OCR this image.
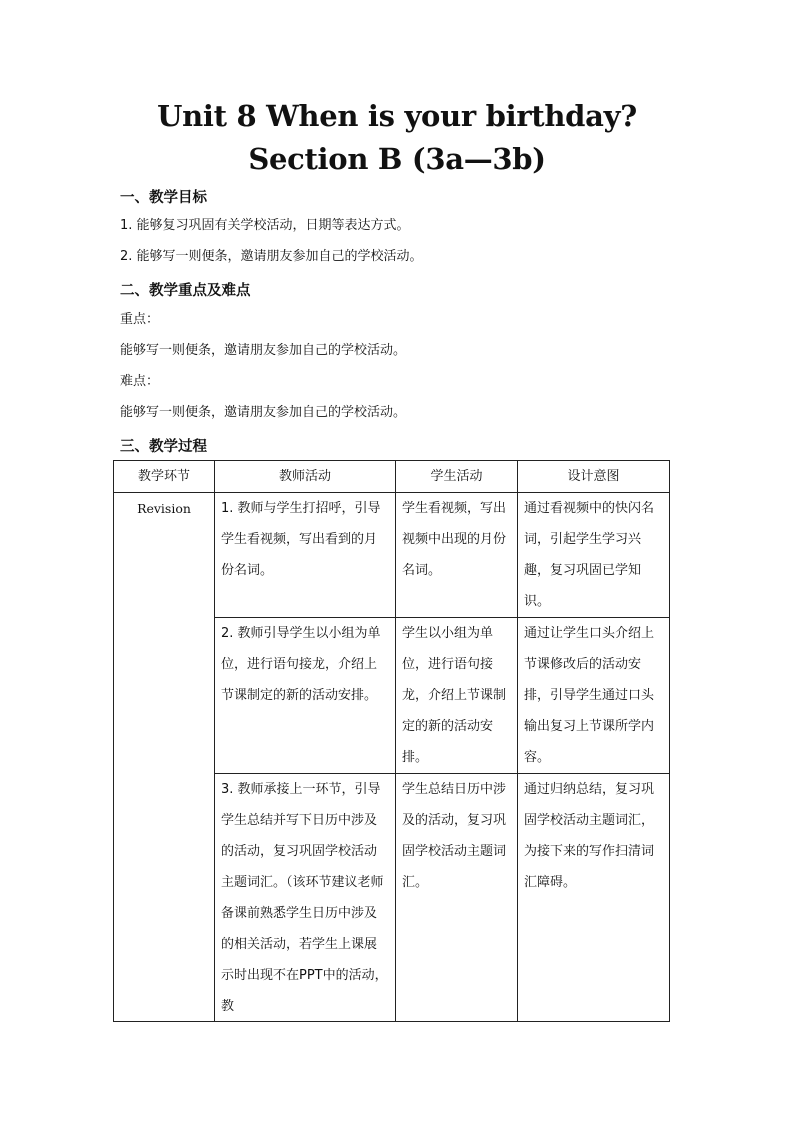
Unit 8 When is your birthday?
Section B (3a—3b)
一、教学目标
1. 能够复习巩固有关学校活动，日期等表达方式。
2. 能够写一则便条，邀请朋友参加自己的学校活动。
二、教学重点及难点
重点：
能够写一则便条，邀请朋友参加自己的学校活动。
难点：
能够写一则便条，邀请朋友参加自己的学校活动。
三、教学过程
教学环节	教师活动	学生活动	设计意图
Revision	1. 教师与学生打招呼，引导学生看视频，写出看到的月份名词。	学生看视频，写出视频中出现的月份名词。	通过看视频中的快闪名词，引起学生学习兴趣，复习巩固已学知识。
	2. 教师引导学生以小组为单位，进行语句接龙，介绍上节课制定的新的活动安排。	学生以小组为单位，进行语句接龙，介绍上节课制定的新的活动安排。	通过让学生口头介绍上节课修改后的活动安排，引导学生通过口头输出复习上节课所学内容。

	3. 教师承接上一环节，引导学生总结并写下日历中涉及的活动，复习巩固学校活动主题词汇。（该环节建议老师备课前熟悉学生日历中涉及的相关活动，若学生上课展示时出现不在PPT中的活动，教	学生总结日历中涉及的活动，复习巩固学校活动主题词汇。	通过归纳总结，复习巩固学校活动主题词汇，为接下来的写作扫清词汇障碍。
